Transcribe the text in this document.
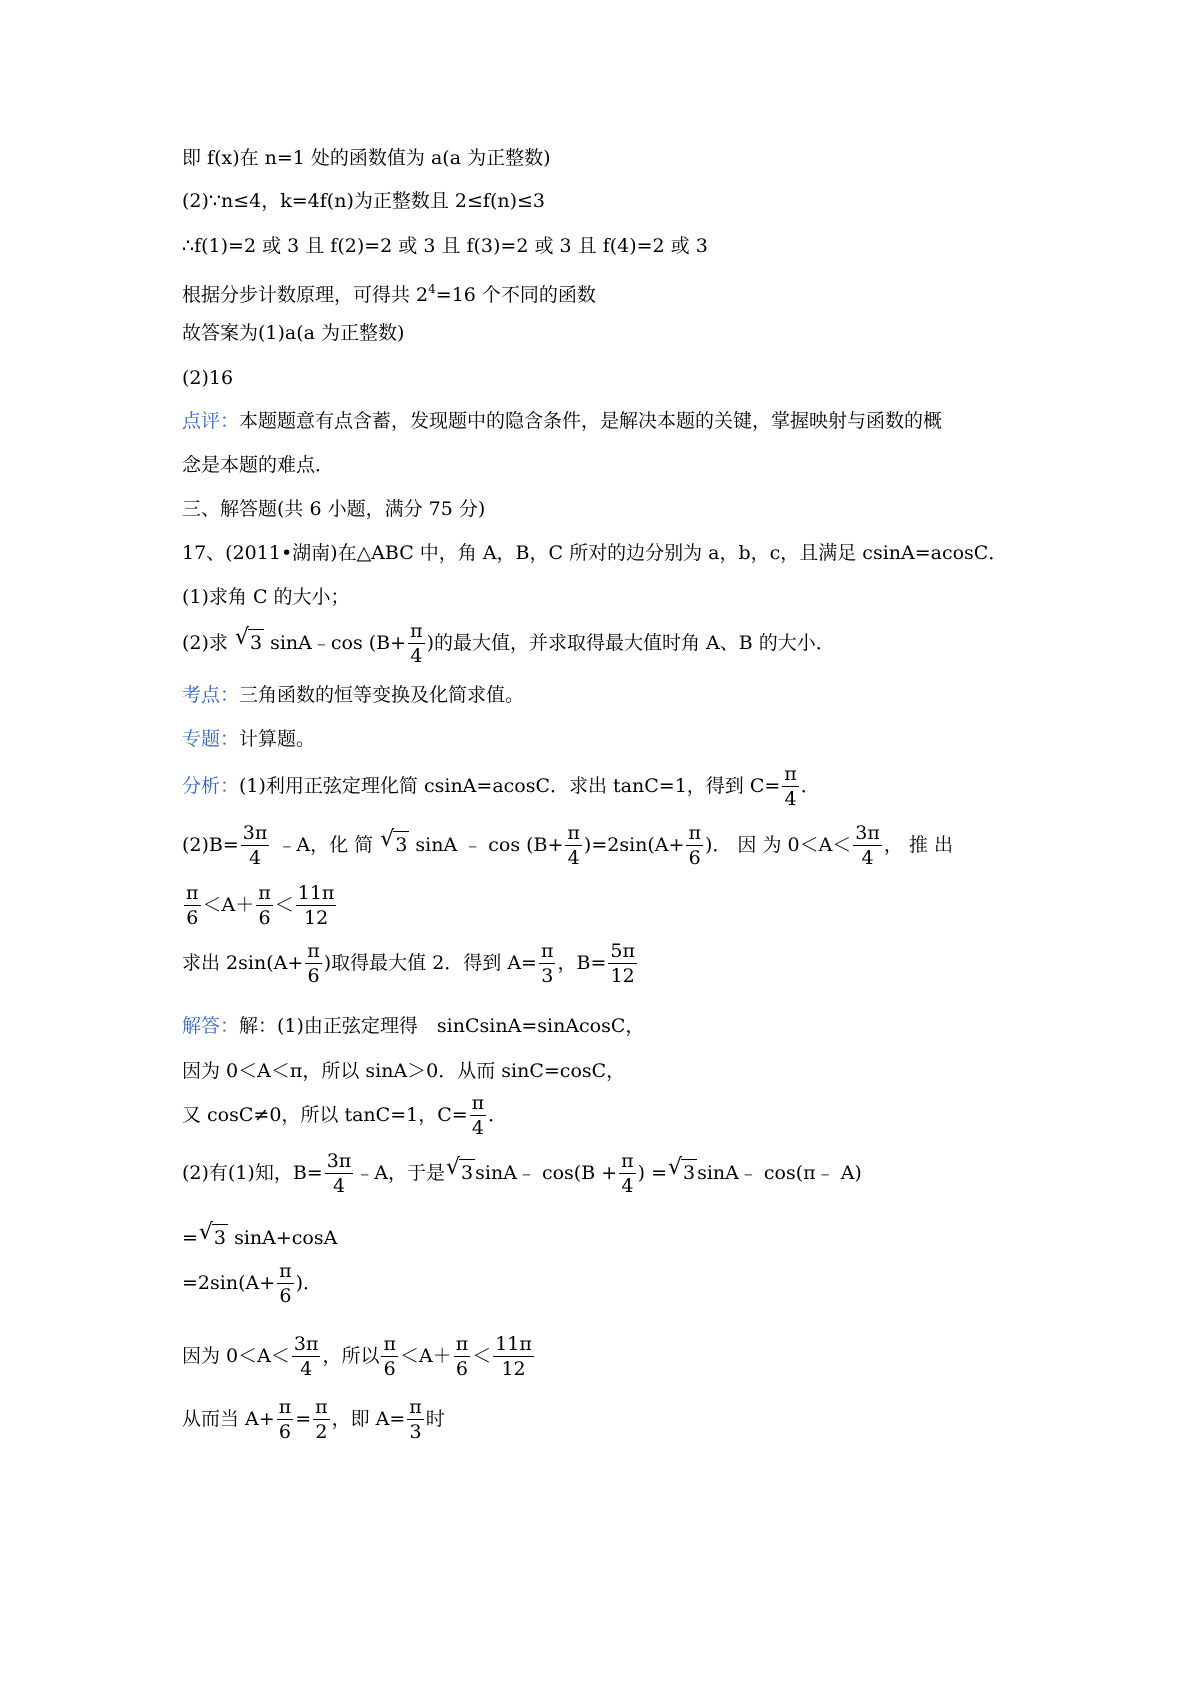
即 f(x)在 n=1 处的函数值为 a(a 为正整数)
(2)∵n≤4，k=4f(n)为正整数且 2≤f(n)≤3
∴f(1)=2 或 3 且 f(2)=2 或 3 且 f(3)=2 或 3 且 f(4)=2 或 3
根据分步计数原理，可得共 $2^4=16$ 个不同的函数
故答案为(1)a(a 为正整数)
(2)16
点评：本题题意有点含蓄，发现题中的隐含条件，是解决本题的关键，掌握映射与函数的概
念是本题的难点．
三、解答题(共 6 小题，满分 75 分)
17、(2011•湖南)在△ABC 中，角 A，B，C 所对的边分别为 a，b，c，且满足 csinA=acosC．
(1)求角 C 的大小；
(2)求 √ 3 sinA﹣cos ($B+ \frac{\pi}{4}$ )的最大值，并求取得最大值时角 A、B 的大小．
考点：三角函数的恒等变换及化简求值。
专题：计算题。
分析：(1)利用正弦定理化简 csinA=acosC．求出 tanC=1，得到 $C= \frac{\pi}{4}$ ．
$(2)B= \frac{3\pi}{4}$ ﹣A，化 简 √ 3 sinA ﹣ $\cos (B+ \frac{\pi}{4} )=2\sin(A+ \frac{\pi}{6}$ )． 因 为 $0<A< \frac{3\pi}{4}$ ， 推 出
$\frac{\pi}{6} <A+ \frac{\pi}{6} < \frac{11\pi}{12}$
求出 $2\sin(A+ \frac{\pi}{6}$ )取得最大值 2．得到 $A= \frac{\pi}{3}$ ，$B= \frac{5\pi}{12}$
解答：解：(1)由正弦定理得　sinCsinA=sinAcosC，
因为 0＜A＜π，所以 sinA＞0．从而 sinC=cosC，
又 cosC≠0，所以 tanC=1，$C= \frac{\pi}{4}$ ．
(2)有(1)知，$B= \frac{3\pi}{4}$ ﹣A，于是 √ 3 sinA﹣ $\cos(B + \frac{\pi}{4}$ ) = √ 3 sinA﹣ cos(π﹣ A)
= √ 3 sinA+cosA
$=2\sin(A+ \frac{\pi}{6}$ )．
因为 $0<A< \frac{3\pi}{4}$ ，所以 $\frac{\pi}{6} <A+ \frac{\pi}{6} < \frac{11\pi}{12}$
从而当 $A+ \frac{\pi}{6} = \frac{\pi}{2}$ ，即 $A= \frac{\pi}{3}$ 时
